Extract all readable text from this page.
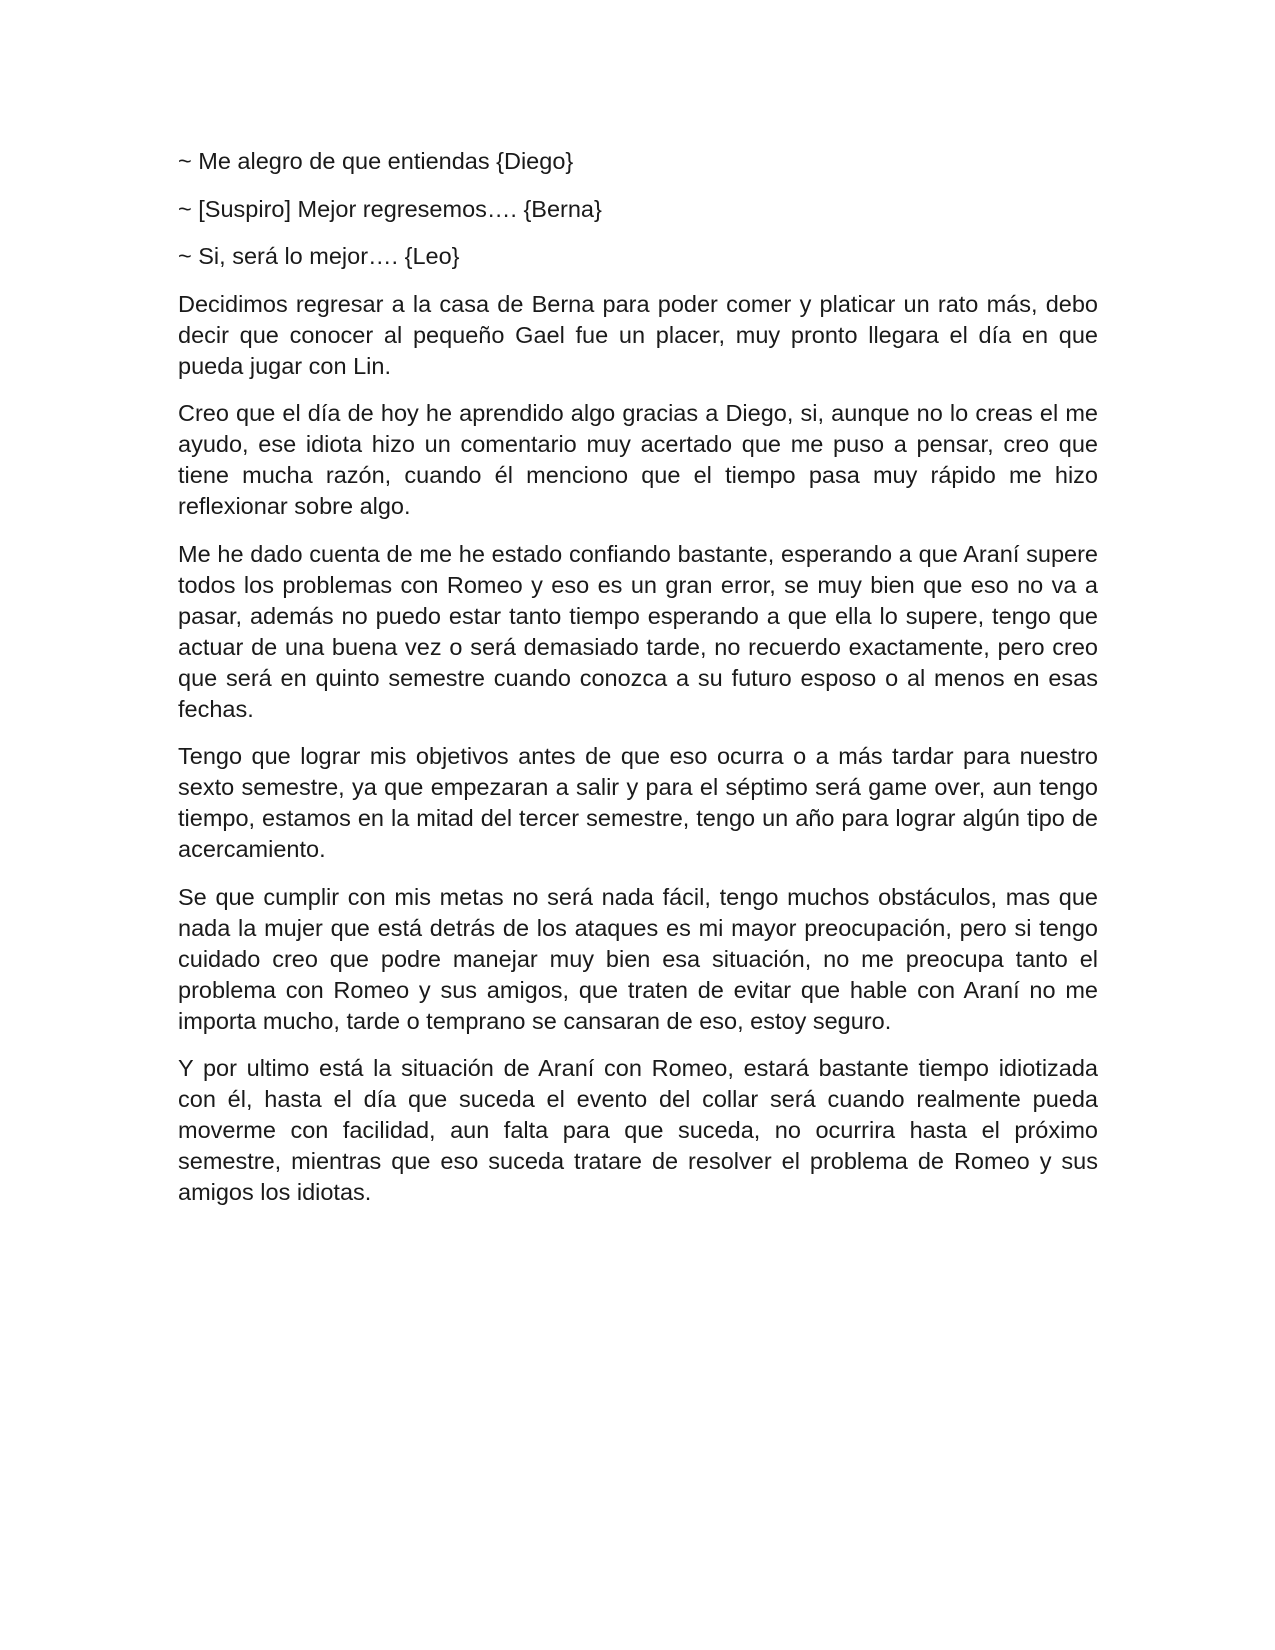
~ Me alegro de que entiendas {Diego}

~ [Suspiro] Mejor regresemos…. {Berna}

~ Si, será lo mejor…. {Leo}

Decidimos regresar a la casa de Berna para poder comer y platicar un rato más, debo decir que conocer al pequeño Gael fue un placer, muy pronto llegara el día en que pueda jugar con Lin.

Creo que el día de hoy he aprendido algo gracias a Diego, si, aunque no lo creas el me ayudo, ese idiota hizo un comentario muy acertado que me puso a pensar, creo que tiene mucha razón, cuando él menciono que el tiempo pasa muy rápido me hizo reflexionar sobre algo.

Me he dado cuenta de me he estado confiando bastante, esperando a que Araní supere todos los problemas con Romeo y eso es un gran error, se muy bien que eso no va a pasar, además no puedo estar tanto tiempo esperando a que ella lo supere, tengo que actuar de una buena vez o será demasiado tarde, no recuerdo exactamente, pero creo que será en quinto semestre cuando conozca a su futuro esposo o al menos en esas fechas.

Tengo que lograr mis objetivos antes de que eso ocurra o a más tardar para nuestro sexto semestre, ya que empezaran a salir y para el séptimo será game over, aun tengo tiempo, estamos en la mitad del tercer semestre, tengo un año para lograr algún tipo de acercamiento.

Se que cumplir con mis metas no será nada fácil, tengo muchos obstáculos, mas que nada la mujer que está detrás de los ataques es mi mayor preocupación, pero si tengo cuidado creo que podre manejar muy bien esa situación, no me preocupa tanto el problema con Romeo y sus amigos, que traten de evitar que hable con Araní no me importa mucho, tarde o temprano se cansaran de eso, estoy seguro.

Y por ultimo está la situación de Araní con Romeo, estará bastante tiempo idiotizada con él, hasta el día que suceda el evento del collar será cuando realmente pueda moverme con facilidad, aun falta para que suceda, no ocurrira hasta el próximo semestre, mientras que eso suceda tratare de resolver el problema de Romeo y sus amigos los idiotas.
